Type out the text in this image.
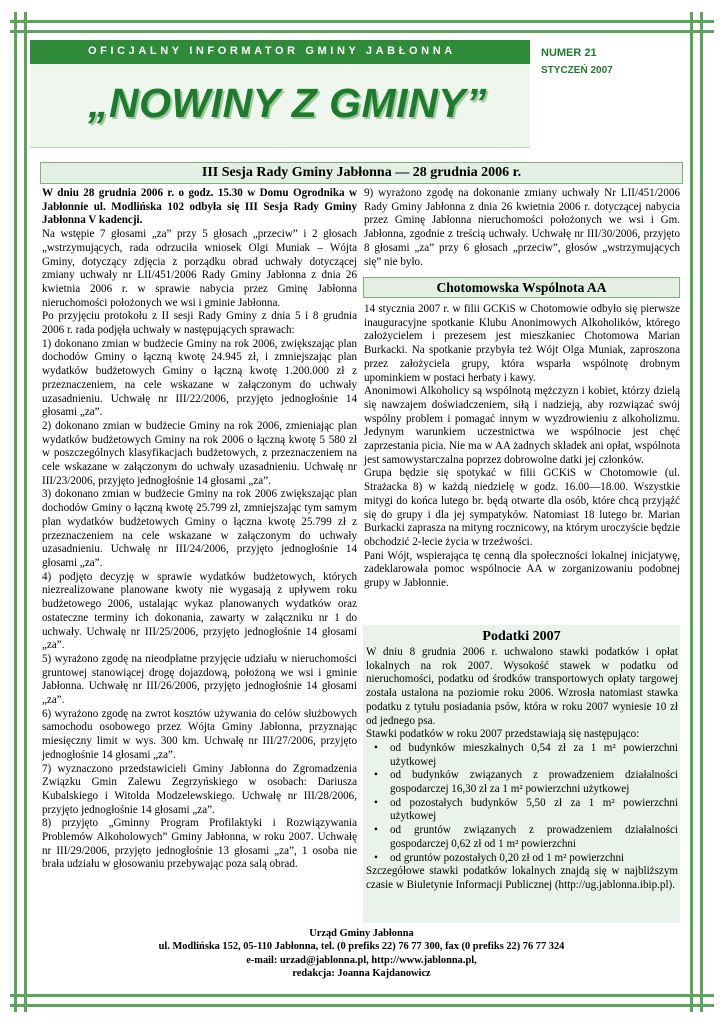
OFICJALNY INFORMATOR GMINY JABŁONNA
„NOWINY Z GMINY”
NUMER 21
STYCZEŃ 2007
III Sesja Rady Gminy Jabłonna — 28 grudnia 2006 r.

W dniu 28 grudnia 2006 r. o godz. 15.30 w Domu Ogrodnika w Jabłonnie ul. Modlińska 102 odbyła się III Sesja Rady Gminy Jabłonna V kadencji.

Na wstępie 7 głosami „za” przy 5 głosach „przeciw” i 2 głosach „wstrzymujących, rada odrzuciła wniosek Olgi Muniak – Wójta Gminy, dotyczący zdjęcia z porządku obrad uchwały dotyczącej zmiany uchwały nr LII/451/2006 Rady Gminy Jabłonna z dnia 26 kwietnia 2006 r. w sprawie nabycia przez Gminę Jabłonna nieruchomości położonych we wsi i gminie Jabłonna.

Po przyjęciu protokołu z II sesji Rady Gminy z dnia 5 i 8 grudnia 2006 r. rada podjęła uchwały w następujących sprawach:

1) dokonano zmian w budżecie Gminy na rok 2006, zwiększając plan dochodów Gminy o łączną kwotę 24.945 zł, i zmniejszając plan wydatków budżetowych Gminy o łączną kwotę 1.200.000 zł z przeznaczeniem, na cele wskazane w załączonym do uchwały uzasadnieniu. Uchwałę nr III/22/2006, przyjęto jednogłośnie 14 głosami „za”.

2) dokonano zmian w budżecie Gminy na rok 2006, zmieniając plan wydatków budżetowych Gminy na rok 2006 o łączną kwotę 5 580 zł w poszczególnych klasyfikacjach budżetowych, z przeznaczeniem na cele wskazane w załączonym do uchwały uzasadnieniu. Uchwałę nr III/23/2006, przyjęto jednogłośnie 14 głosami „za”.

3) dokonano zmian w budżecie Gminy na rok 2006 zwiększając plan dochodów Gminy o łączną kwotę 25.799 zł, zmniejszając tym samym plan wydatków budżetowych Gminy o łączna kwotę 25.799 zł z przeznaczeniem na cele wskazane w załączonym do uchwały uzasadnieniu. Uchwałę nr III/24/2006, przyjęto jednogłośnie 14 głosami „za”.

4) podjęto decyzję w sprawie wydatków budżetowych, których niezrealizowane planowane kwoty nie wygasają z upływem roku budżetowego 2006, ustalając wykaz planowanych wydatków oraz ostateczne terminy ich dokonania, zawarty w załączniku nr 1 do uchwały. Uchwałę nr III/25/2006, przyjęto jednogłośnie 14 głosami „za”.

5) wyrażono zgodę na nieodpłatne przyjęcie udziału w nieruchomości gruntowej stanowiącej drogę dojazdową, położoną we wsi i gminie Jabłonna. Uchwałę nr III/26/2006, przyjęto jednogłośnie 14 głosami „za”.

6) wyrażono zgodę na zwrot kosztów używania do celów służbowych samochodu osobowego przez Wójta Gminy Jabłonna, przyznając miesięczny limit w wys. 300 km. Uchwałę nr III/27/2006, przyjęto jednogłośnie 14 głosami „za”.

7) wyznaczono przedstawicieli Gminy Jabłonna do Zgromadzenia Związku Gmin Zalewu Zegrzyńskiego w osobach: Dariusza Kubalskiego i Witolda Modzelewskiego. Uchwałę nr III/28/2006, przyjęto jednogłośnie 14 głosami „za”.

8) przyjęto „Gminny Program Profilaktyki i Rozwiązywania Problemów Alkoholowych” Gminy Jabłonna, w roku 2007. Uchwałę nr III/29/2006, przyjęto jednogłośnie 13 głosami „za”, 1 osoba nie brała udziału w głosowaniu przebywając poza salą obrad.

9) wyrażono zgodę na dokonanie zmiany uchwały Nr LII/451/2006 Rady Gminy Jabłonna z dnia 26 kwietnia 2006 r. dotyczącej nabycia przez Gminę Jabłonna nieruchomości położonych we wsi i Gm. Jabłonna, zgodnie z treścią uchwały. Uchwałę nr III/30/2006, przyjęto 8 głosami „za” przy 6 głosach „przeciw”, głosów „wstrzymujących się” nie było.

Chotomowska Wspólnota AA

14 stycznia 2007 r. w filii GCKiS w Chotomowie odbyło się pierwsze inauguracyjne spotkanie Klubu Anonimowych Alkoholików, którego założycielem i prezesem jest mieszkaniec Chotomowa Marian Burkacki. Na spotkanie przybyła też Wójt Olga Muniak, zaproszona przez założyciela grupy, która wsparła wspólnotę drobnym upominkiem w postaci herbaty i kawy.

Anonimowi Alkoholicy są wspólnotą mężczyzn i kobiet, którzy dzielą się nawzajem doświadczeniem, siłą i nadzieją, aby rozwiązać swój wspólny problem i pomagać innym w wyzdrowieniu z alkoholizmu. Jedynym warunkiem uczestnictwa we wspólnocie jest chęć zaprzestania picia. Nie ma w AA żadnych składek ani opłat, wspólnota jest samowystarczalna poprzez dobrowolne datki jej członków.

Grupa będzie się spotykać w filii GCKiS w Chotomowie (ul. Strażacka 8) w każdą niedzielę w godz. 16.00—18.00. Wszystkie mitygi do końca lutego br. będą otwarte dla osób, które chcą przyjąźć się do grupy i dla jej sympatyków. Natomiast 18 lutego br. Marian Burkacki zaprasza na mityng rocznicowy, na którym uroczyście będzie obchodzić 2-lecie życia w trzeźwości.

Pani Wójt, wspierająca tę cenną dla społeczności lokalnej inicjatywę, zadeklarowała pomoc wspólnocie AA w zorganizowaniu podobnej grupy w Jabłonnie.

Podatki 2007

W dniu 8 grudnia 2006 r. uchwalono stawki podatków i opłat lokalnych na rok 2007. Wysokość stawek w podatku od nieruchomości, podatku od środków transportowych opłaty targowej została ustalona na poziomie roku 2006. Wzrosła natomiast stawka podatku z tytułu posiadania psów, która w roku 2007 wyniesie 10 zł od jednego psa.

Stawki podatków w roku 2007 przedstawiają się następująco:

• od budynków mieszkalnych 0,54 zł za 1 m² powierzchni użytkowej
• od budynków związanych z prowadzeniem działalności gospodarczej 16,30 zł za 1 m² powierzchni użytkowej
• od pozostałych budynków 5,50 zł za 1 m² powierzchni użytkowej
• od gruntów związanych z prowadzeniem działalności gospodarczej 0,62 zł od 1 m² powierzchni
• od gruntów pozostałych 0,20 zł od 1 m² powierzchni

Szczegółowe stawki podatków lokalnych znajdą się w najbliższym czasie w Biuletynie Informacji Publicznej (http://ug.jablonna.ibip.pl).

Urząd Gminy Jabłonna
ul. Modlińska 152, 05-110 Jabłonna, tel. (0 prefiks 22) 76 77 300, fax (0 prefiks 22) 76 77 324
e-mail: urzad@jablonna.pl, http://www.jablonna.pl,
redakcja: Joanna Kajdanowicz
